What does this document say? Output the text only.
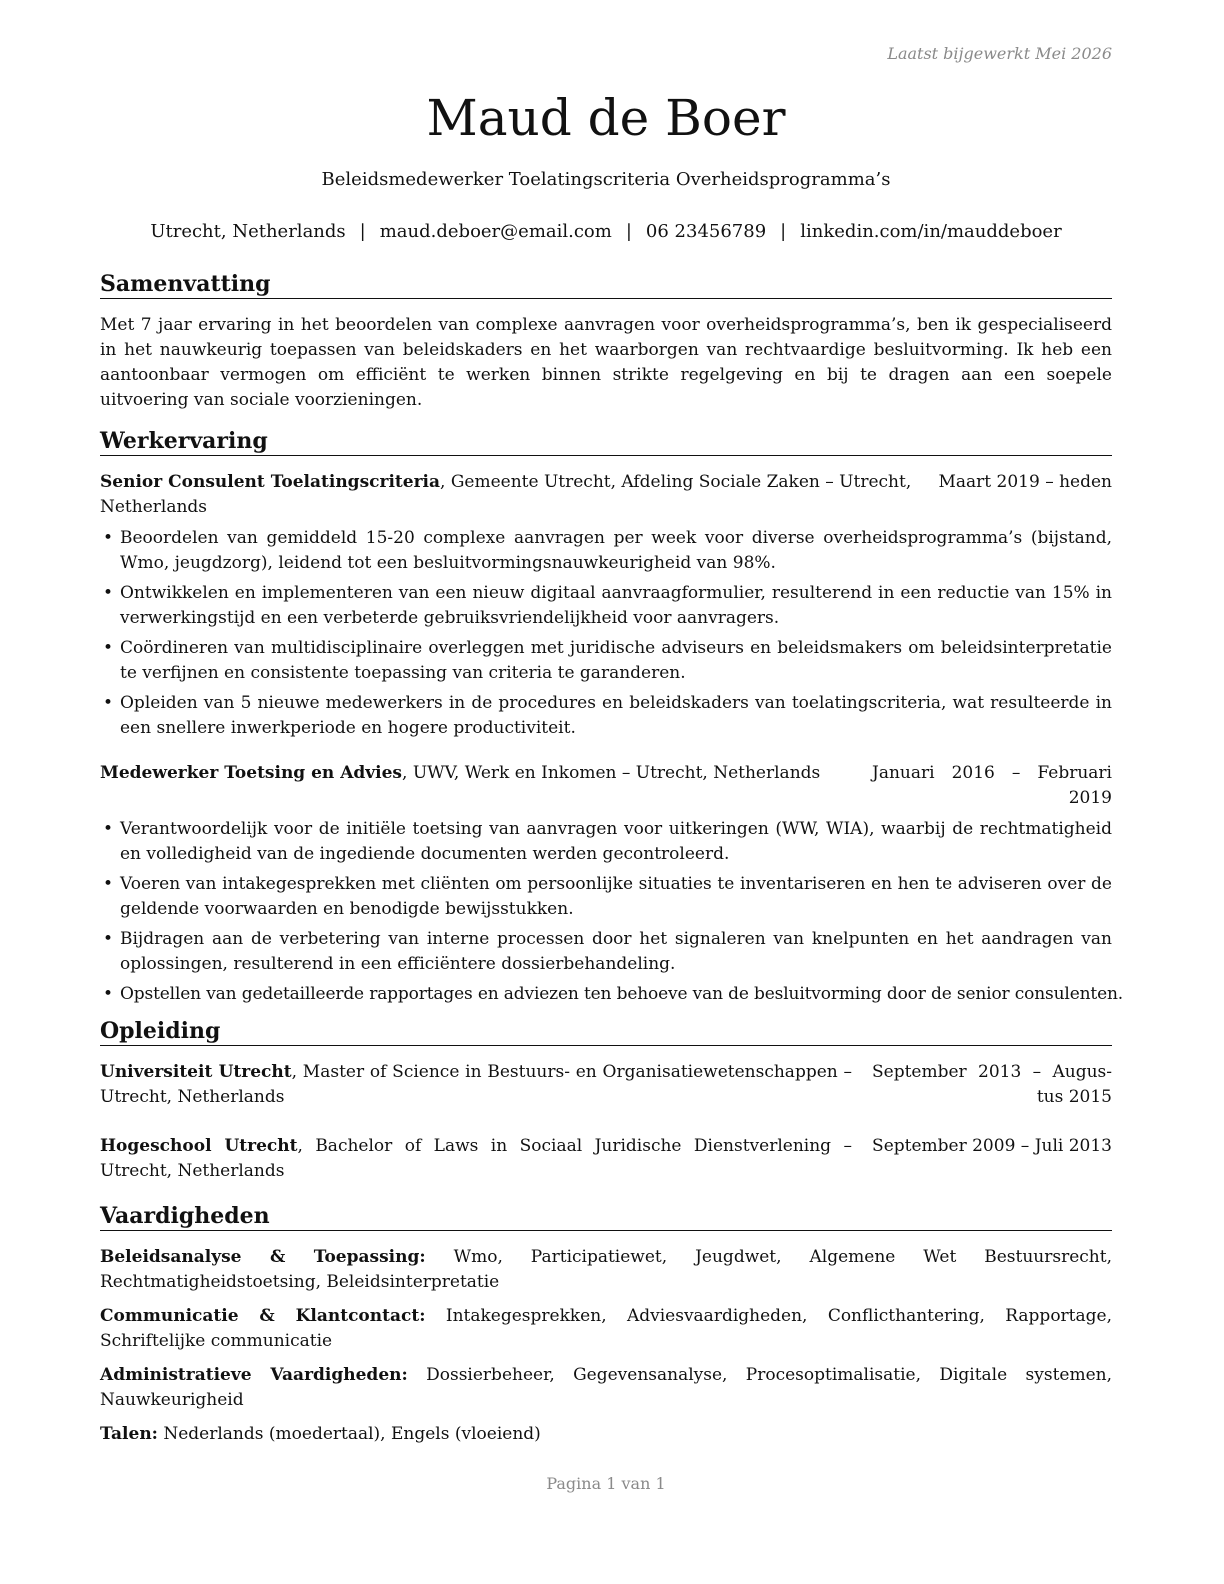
Laatst bijgewerkt Mei 2026
Maud de Boer
Beleidsmedewerker Toelatingscriteria Overheidsprogramma’s
Utrecht, Netherlands | maud.deboer@email.com | 06 23456789 | linkedin.com/in/mauddeboer
Samenvatting

Met 7 jaar ervaring in het beoordelen van complexe aanvragen voor overheidsprogramma’s, ben ik gespecialiseerd in het nauwkeurig toepassen van beleidskaders en het waarborgen van rechtvaardige besluitvorming. Ik heb een aantoonbaar vermogen om efficiënt te werken binnen strikte regelgeving en bij te dragen aan een soepele uitvoering van sociale voorzieningen.

Werkervaring
Senior Consulent Toelatingscriteria, Gemeente Utrecht, Afdeling Sociale Zaken – Utrecht, Netherlands
Maart 2019 – heden
• Beoordelen van gemiddeld 15-20 complexe aanvragen per week voor diverse overheidsprogramma’s (bijstand, Wmo, jeugdzorg), leidend tot een besluitvormingsnauwkeurigheid van 98%.
• Ontwikkelen en implementeren van een nieuw digitaal aanvraagformulier, resulterend in een reductie van 15% in verwerkingstijd en een verbeterde gebruiksvriendelijkheid voor aanvragers.
• Coördineren van multidisciplinaire overleggen met juridische adviseurs en beleidsmakers om beleidsinterpretatie te verfijnen en consistente toepassing van criteria te garanderen.
• Opleiden van 5 nieuwe medewerkers in de procedures en beleidskaders van toelatingscriteria, wat resulteerde in een snellere inwerkperiode en hogere productiviteit.
Medewerker Toetsing en Advies, UWV, Werk en Inkomen – Utrecht, Netherlands	Januari 2016 – Februari 2019
• Verantwoordelijk voor de initiële toetsing van aanvragen voor uitkeringen (WW, WIA), waarbij de rechtmatigheid en volledigheid van de ingediende documenten werden gecontroleerd.
• Voeren van intakegesprekken met cliënten om persoonlijke situaties te inventariseren en hen te adviseren over de geldende voorwaarden en benodigde bewijsstukken.
• Bijdragen aan de verbetering van interne processen door het signaleren van knelpunten en het aandragen van oplossingen, resulterend in een efficiëntere dossierbehandeling.
• Opstellen van gedetailleerde rapportages en adviezen ten behoeve van de besluitvorming door de senior consulenten.
Opleiding
Universiteit Utrecht, Master of Science in Bestuurs- en Organisatiewetenschappen – Utrecht, Netherlands
September 2013 – Augus-tus 2015
Hogeschool Utrecht, Bachelor of Laws in Sociaal Juridische Dienstverlening – Utrecht, Netherlands
September 2009 – Juli 2013
Vaardigheden
Beleidsanalyse & Toepassing: Wmo, Participatiewet, Jeugdwet, Algemene Wet Bestuursrecht, Rechtmatigheidstoetsing, Beleidsinterpretatie
Communicatie & Klantcontact: Intakegesprekken, Adviesvaardigheden, Conflicthantering, Rapportage, Schriftelijke communicatie
Administratieve Vaardigheden: Dossierbeheer, Gegevensanalyse, Procesoptimalisatie, Digitale systemen, Nauwkeurigheid
Talen: Nederlands (moedertaal), Engels (vloeiend)
Pagina 1 van 1
